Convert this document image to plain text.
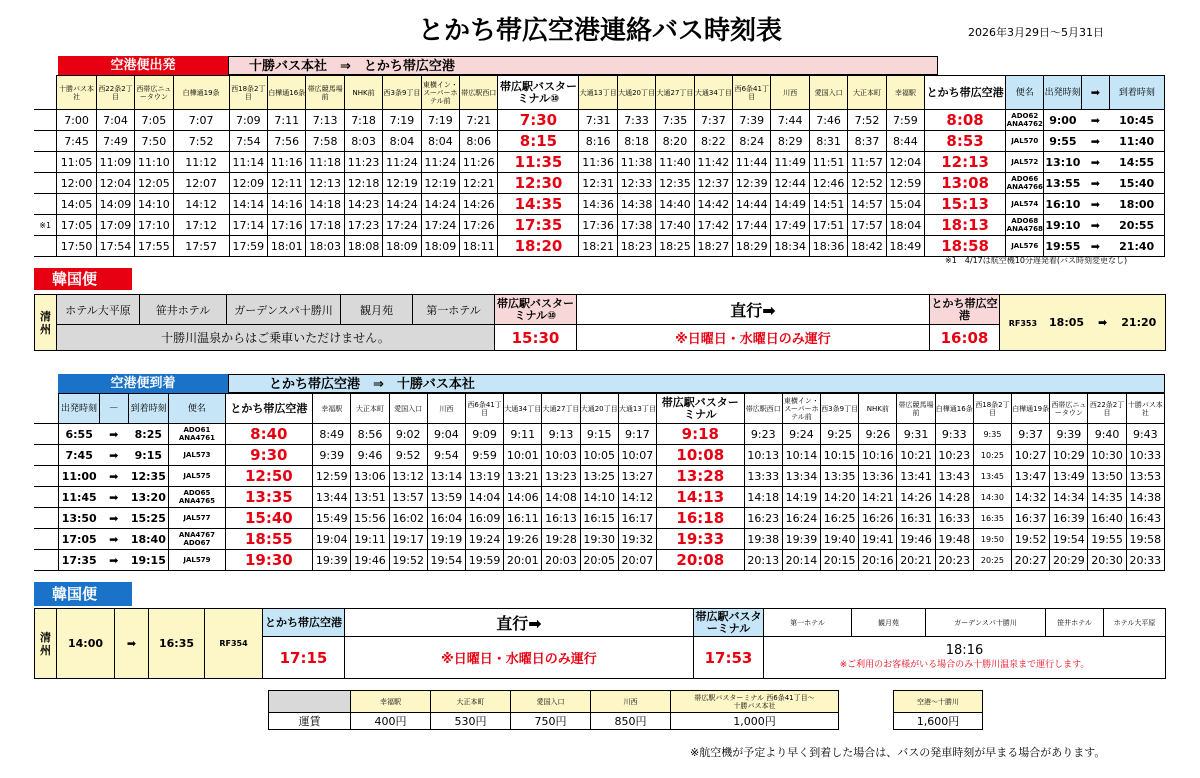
とかち帯広空港連絡バス時刻表	2026年3月29日～5月31日
空港便出発	十勝バス本社　⇒　とかち帯広空港
	十勝バス本社	西22条2丁目	西帯広ニュータウン	白樺通19条	西18条2丁目	白樺通16条	帯広競馬場前	NHK前	西3条9丁目	東横イン・スーパーホテル前	帯広駅西口	帯広駅バスターミナル⑩	大通13丁目	大通20丁目	大通27丁目	大通34丁目	西6条41丁目	川西	愛国入口	大正本町	幸福駅	とかち帯広空港	便名	出発時刻	➡	到着時刻
	7:00	7:04	7:05	7:07	7:09	7:11	7:13	7:18	7:19	7:19	7:21	7:30	7:31	7:33	7:35	7:37	7:39	7:44	7:46	7:52	7:59	8:08	ADO62 ANA4762	9:00	➡	10:45
	7:45	7:49	7:50	7:52	7:54	7:56	7:58	8:03	8:04	8:04	8:06	8:15	8:16	8:18	8:20	8:22	8:24	8:29	8:31	8:37	8:44	8:53	JAL570	9:55	➡	11:40
	11:05	11:09	11:10	11:12	11:14	11:16	11:18	11:23	11:24	11:24	11:26	11:35	11:36	11:38	11:40	11:42	11:44	11:49	11:51	11:57	12:04	12:13	JAL572	13:10	➡	14:55
	12:00	12:04	12:05	12:07	12:09	12:11	12:13	12:18	12:19	12:19	12:21	12:30	12:31	12:33	12:35	12:37	12:39	12:44	12:46	12:52	12:59	13:08	ADO66 ANA4766	13:55	➡	15:40
	14:05	14:09	14:10	14:12	14:14	14:16	14:18	14:23	14:24	14:24	14:26	14:35	14:36	14:38	14:40	14:42	14:44	14:49	14:51	14:57	15:04	15:13	JAL574	16:10	➡	18:00
※1	17:05	17:09	17:10	17:12	17:14	17:16	17:18	17:23	17:24	17:24	17:26	17:35	17:36	17:38	17:40	17:42	17:44	17:49	17:51	17:57	18:04	18:13	ADO68 ANA4768	19:10	➡	20:55
	17:50	17:54	17:55	17:57	17:59	18:01	18:03	18:08	18:09	18:09	18:11	18:20	18:21	18:23	18:25	18:27	18:29	18:34	18:36	18:42	18:49	18:58	JAL576	19:55	➡	21:40
※1　4/17は航空機10分遅発着(バス時刻変更なし)
韓国便
清州	ホテル大平原	笹井ホテル	ガーデンスパ十勝川	観月苑	第一ホテル	帯広駅バスターミナル⑩	直行➡	とかち帯広空港	RF353 18:05 ➡ 21:20
	十勝川温泉からはご乗車いただけません。					15:30	※日曜日・水曜日のみ運行	16:08	
空港便到着	とかち帯広空港　⇒　十勝バス本社
	出発時刻	－	到着時刻	便名	とかち帯広空港	幸福駅	大正本町	愛国入口	川西	西6条41丁目	大通34丁目	大通27丁目	大通20丁目	大通13丁目	帯広駅バスターミナル	帯広駅西口	東横イン・スーパーホテル前	西3条9丁目	NHK前	帯広競馬場前	白樺通16条	西18条2丁目	白樺通19条	西帯広ニュータウン	西22条2丁目	十勝バス本社
	6:55	➡	8:25	ADO61 ANA4761	8:40	8:49	8:56	9:02	9:04	9:09	9:11	9:13	9:15	9:17	9:18	9:23	9:24	9:25	9:26	9:31	9:33	9:35	9:37	9:39	9:40	9:43
	7:45	➡	9:15	JAL573	9:30	9:39	9:46	9:52	9:54	9:59	10:01	10:03	10:05	10:07	10:08	10:13	10:14	10:15	10:16	10:21	10:23	10:25	10:27	10:29	10:30	10:33
	11:00	➡	12:35	JAL575	12:50	12:59	13:06	13:12	13:14	13:19	13:21	13:23	13:25	13:27	13:28	13:33	13:34	13:35	13:36	13:41	13:43	13:45	13:47	13:49	13:50	13:53
	11:45	➡	13:20	ADO65 ANA4765	13:35	13:44	13:51	13:57	13:59	14:04	14:06	14:08	14:10	14:12	14:13	14:18	14:19	14:20	14:21	14:26	14:28	14:30	14:32	14:34	14:35	14:38
	13:50	➡	15:25	JAL577	15:40	15:49	15:56	16:02	16:04	16:09	16:11	16:13	16:15	16:17	16:18	16:23	16:24	16:25	16:26	16:31	16:33	16:35	16:37	16:39	16:40	16:43
	17:05	➡	18:40	ANA4767 ADO67	18:55	19:04	19:11	19:17	19:19	19:24	19:26	19:28	19:30	19:32	19:33	19:38	19:39	19:40	19:41	19:46	19:48	19:50	19:52	19:54	19:55	19:58
	17:35	➡	19:15	JAL579	19:30	19:39	19:46	19:52	19:54	19:59	20:01	20:03	20:05	20:07	20:08	20:13	20:14	20:15	20:16	20:21	20:23	20:25	20:27	20:29	20:30	20:33
韓国便
清州	14:00	➡	16:35	RF354	とかち帯広空港	直行➡	帯広駅バスターミナル	第一ホテル	観月苑	ガーデンスパ十勝川	笹井ホテル	ホテル大平原
					17:15	※日曜日・水曜日のみ運行	17:53	18:16
※ご利用のお客様がいる場合のみ十勝川温泉まで運行します。				
	幸福駅	大正本町	愛国入口	川西	帯広駅バスターミナル 西6条41丁目～十勝バス本社
運賃	400円	530円	750円	850円	1,000円
空港～十勝川
1,600円
※航空機が予定より早く到着した場合は、バスの発車時刻が早まる場合があります。
